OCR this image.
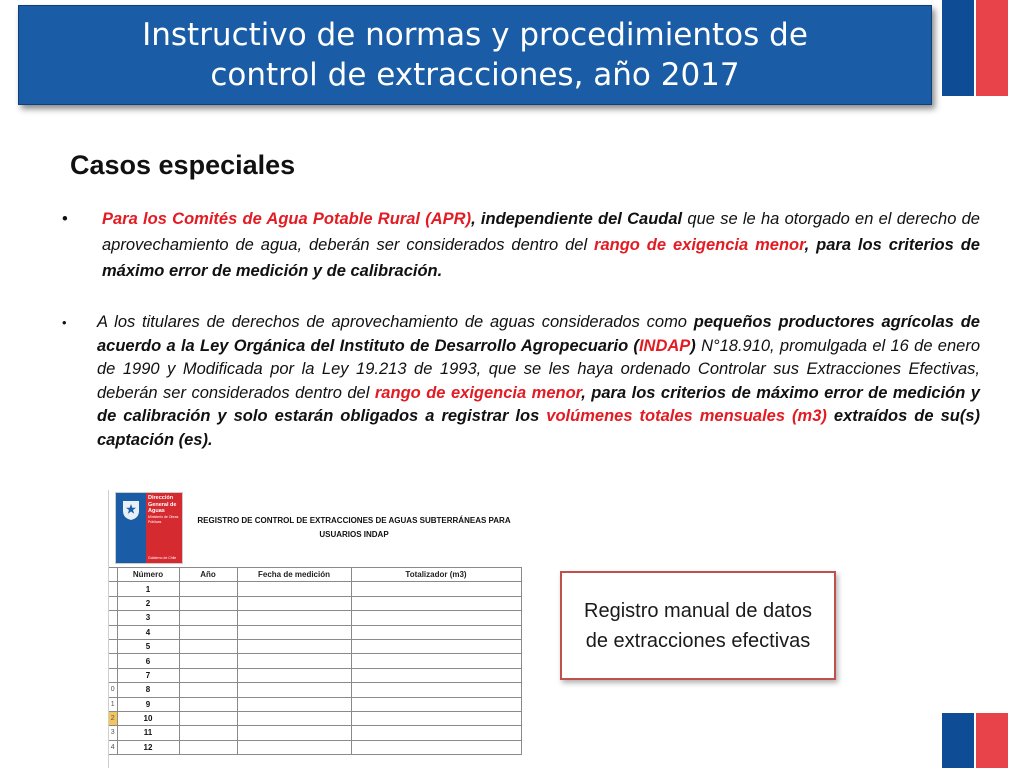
Instructivo de normas y procedimientos de
control de extracciones, año 2017
Casos especiales
• Para los Comités de Agua Potable Rural (APR), independiente del Caudal que se le ha otorgado en el derecho de aprovechamiento de agua, deberán ser considerados dentro del rango de exigencia menor, para los criterios de máximo error de medición y de calibración.
• A los titulares de derechos de aprovechamiento de aguas considerados como pequeños productores agrícolas de acuerdo a la Ley Orgánica del Instituto de Desarrollo Agropecuario (INDAP) N°18.910, promulgada el 16 de enero de 1990 y Modificada por la Ley 19.213 de 1993, que se les haya ordenado Controlar sus Extracciones Efectivas, deberán ser considerados dentro del rango de exigencia menor, para los criterios de máximo error de medición y de calibración y solo estarán obligados a registrar los volúmenes totales mensuales (m3) extraídos de su(s) captación (es).
Dirección General de Aguas
Ministerio de Obras Públicas
Gobierno de Chile
REGISTRO DE CONTROL DE EXTRACCIONES DE AGUAS SUBTERRÁNEAS PARA
USUARIOS INDAP
	Número	Año	Fecha de medición	Totalizador (m3)
	1			
	2			
	3			
	4			
	5			
	6			
	7			
0	8			
1	9			
2	10			
3	11			
4	12			
Registro manual de datos de extracciones efectivas
